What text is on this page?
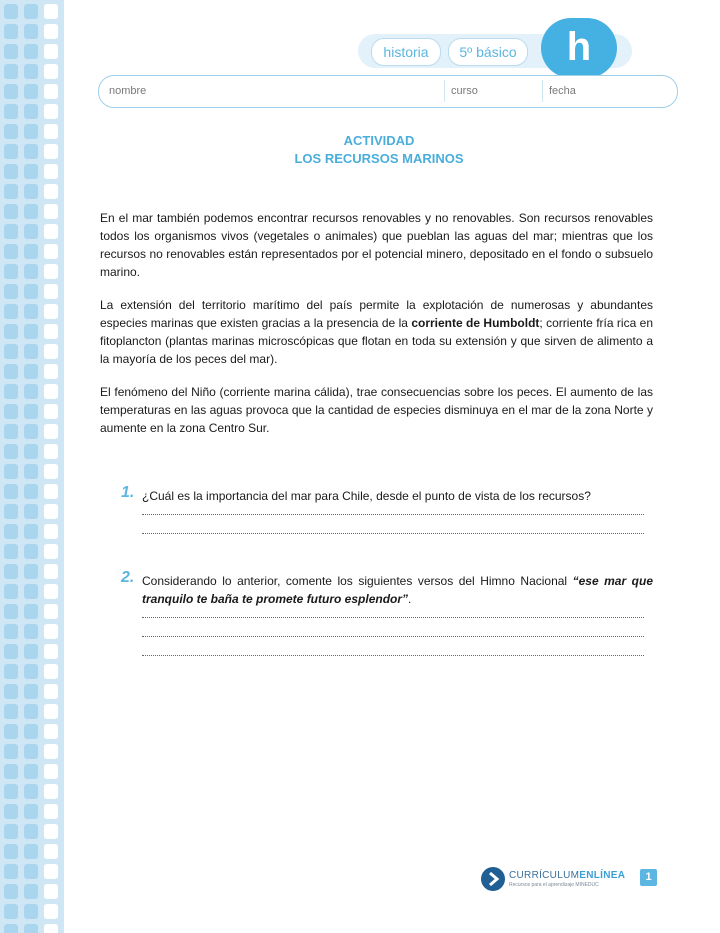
historia	5º básico	h
nombre	curso	fecha
ACTIVIDAD
LOS RECURSOS MARINOS

En el mar también podemos encontrar recursos renovables y no renovables. Son recursos renovables todos los organismos vivos (vegetales o animales) que pueblan las aguas del mar; mientras que los recursos no renovables están representados por el potencial minero, depositado en el fondo o subsuelo marino.

La extensión del territorio marítimo del país permite la explotación de numerosas y abundantes especies marinas que existen gracias a la presencia de la corriente de Humboldt; corriente fría rica en fitoplancton (plantas marinas microscópicas que flotan en toda su extensión y que sirven de alimento a la mayoría de los peces del mar).

El fenómeno del Niño (corriente marina cálida), trae consecuencias sobre los peces. El aumento de las temperaturas en las aguas provoca que la cantidad de especies disminuya en el mar de la zona Norte y aumente en la zona Centro Sur.

1. ¿Cuál es la importancia del mar para Chile, desde el punto de vista de los recursos?

2. Considerando lo anterior, comente los siguientes versos del Himno Nacional “ese mar que tranquilo te baña te promete futuro esplendor”.

CURRÍCULUMENLÍNEA
Recursos para el aprendizaje MINEDUC
1
